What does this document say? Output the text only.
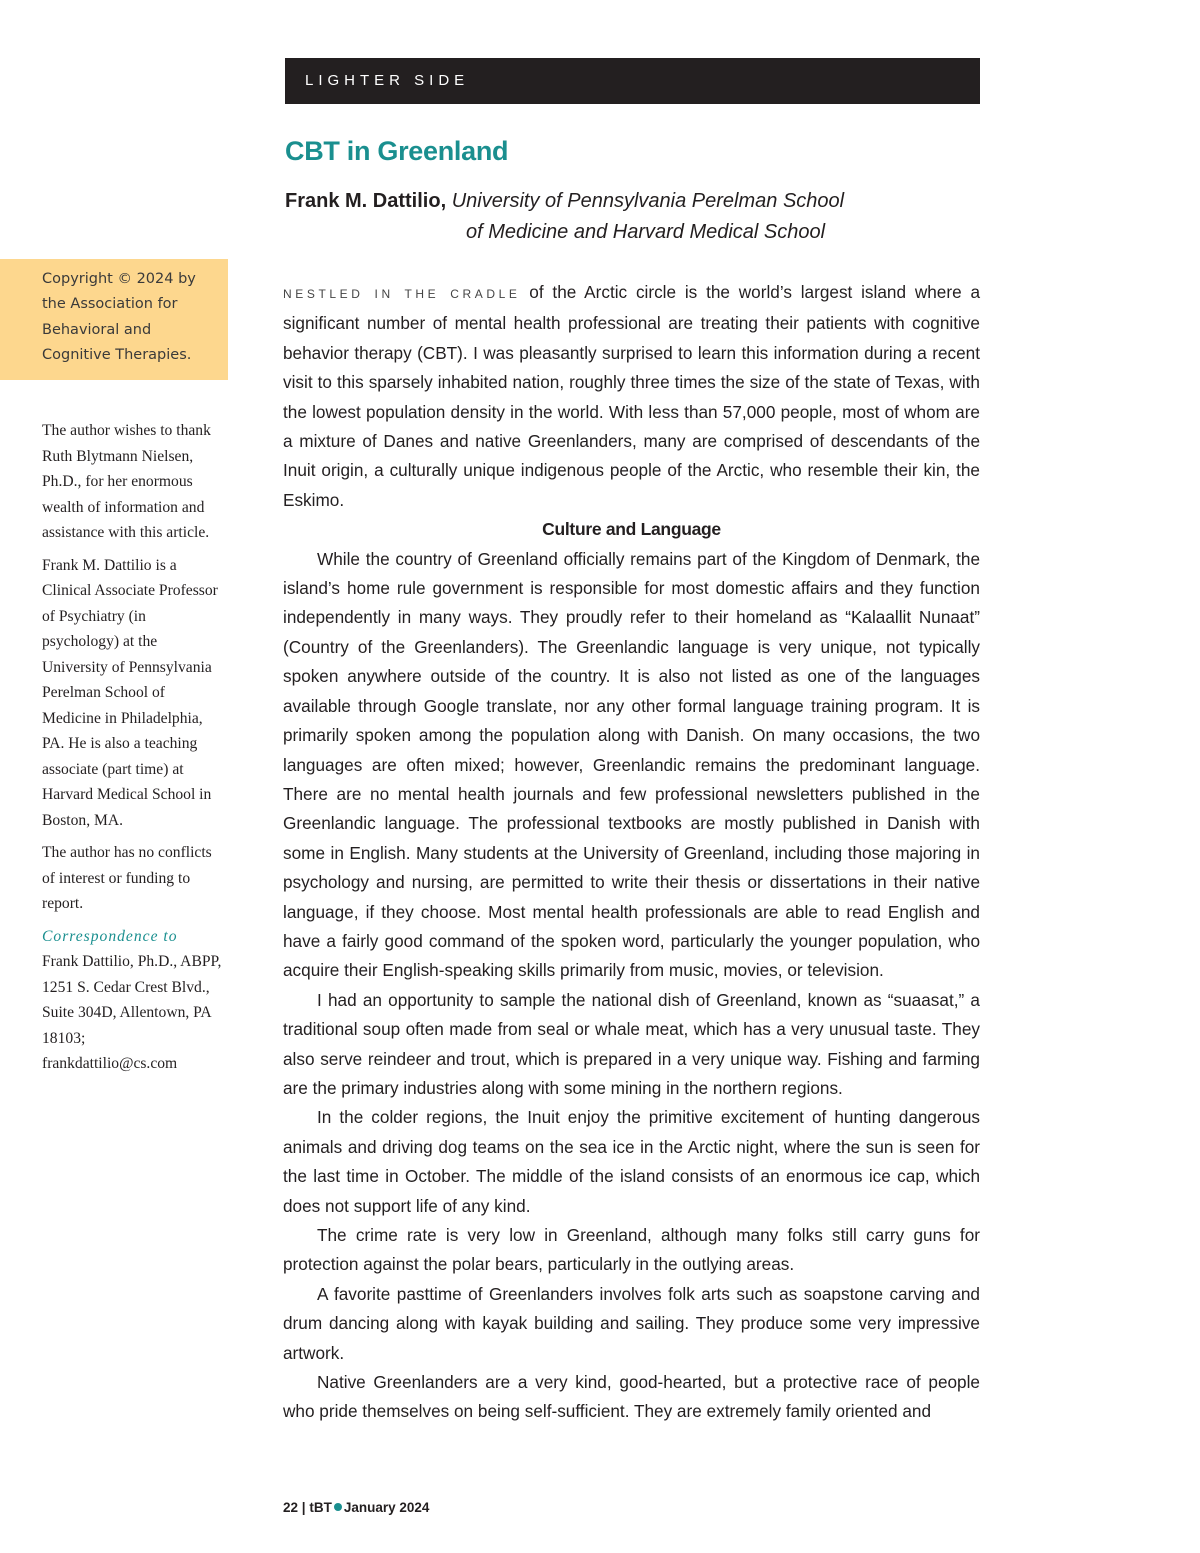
LIGHTER SIDE
CBT in Greenland
Frank M. Dattilio, University of Pennsylvania Perelman School
of Medicine and Harvard Medical School
Copyright © 2024 by the Association for Behavioral and Cognitive Therapies.

The author wishes to thank Ruth Blytmann Nielsen, Ph.D., for her enormous wealth of information and assistance with this article.

Frank M. Dattilio is a Clinical Associate Professor of Psychiatry (in psychology) at the University of Pennsylvania Perelman School of Medicine in Philadelphia, PA. He is also a teaching associate (part time) at Harvard Medical School in Boston, MA.

The author has no conflicts of interest or funding to report.

Correspondence to
Frank Dattilio, Ph.D., ABPP, 1251 S. Cedar Crest Blvd., Suite 304D, Allentown, PA 18103; frankdattilio@cs.com

NESTLED IN THE CRADLE of the Arctic circle is the world’s largest island where a significant number of mental health professional are treating their patients with cognitive behavior therapy (CBT). I was pleasantly surprised to learn this information during a recent visit to this sparsely inhabited nation, roughly three times the size of the state of Texas, with the lowest population density in the world. With less than 57,000 people, most of whom are a mixture of Danes and native Greenlanders, many are comprised of descendants of the Inuit origin, a culturally unique indigenous people of the Arctic, who resemble their kin, the Eskimo.

Culture and Language

While the country of Greenland officially remains part of the Kingdom of Denmark, the island’s home rule government is responsible for most domestic affairs and they function independently in many ways. They proudly refer to their homeland as “Kalaallit Nunaat” (Country of the Greenlanders). The Greenlandic language is very unique, not typically spoken anywhere outside of the country. It is also not listed as one of the languages available through Google translate, nor any other formal language training program. It is primarily spoken among the population along with Danish. On many occasions, the two languages are often mixed; however, Greenlandic remains the predominant language. There are no mental health journals and few professional newsletters published in the Greenlandic language. The professional textbooks are mostly published in Danish with some in English. Many students at the University of Greenland, including those majoring in psychology and nursing, are permitted to write their thesis or dissertations in their native language, if they choose. Most mental health professionals are able to read English and have a fairly good command of the spoken word, particularly the younger population, who acquire their English-speaking skills primarily from music, movies, or television.

I had an opportunity to sample the national dish of Greenland, known as “suaasat,” a traditional soup often made from seal or whale meat, which has a very unusual taste. They also serve reindeer and trout, which is prepared in a very unique way. Fishing and farming are the primary industries along with some mining in the northern regions.

In the colder regions, the Inuit enjoy the primitive excitement of hunting dangerous animals and driving dog teams on the sea ice in the Arctic night, where the sun is seen for the last time in October. The middle of the island consists of an enormous ice cap, which does not support life of any kind.

The crime rate is very low in Greenland, although many folks still carry guns for protection against the polar bears, particularly in the outlying areas.

A favorite pasttime of Greenlanders involves folk arts such as soapstone carving and drum dancing along with kayak building and sailing. They produce some very impressive artwork.

Native Greenlanders are a very kind, good-hearted, but a protective race of people who pride themselves on being self-sufficient. They are extremely family oriented and

22 | tBT January 2024
